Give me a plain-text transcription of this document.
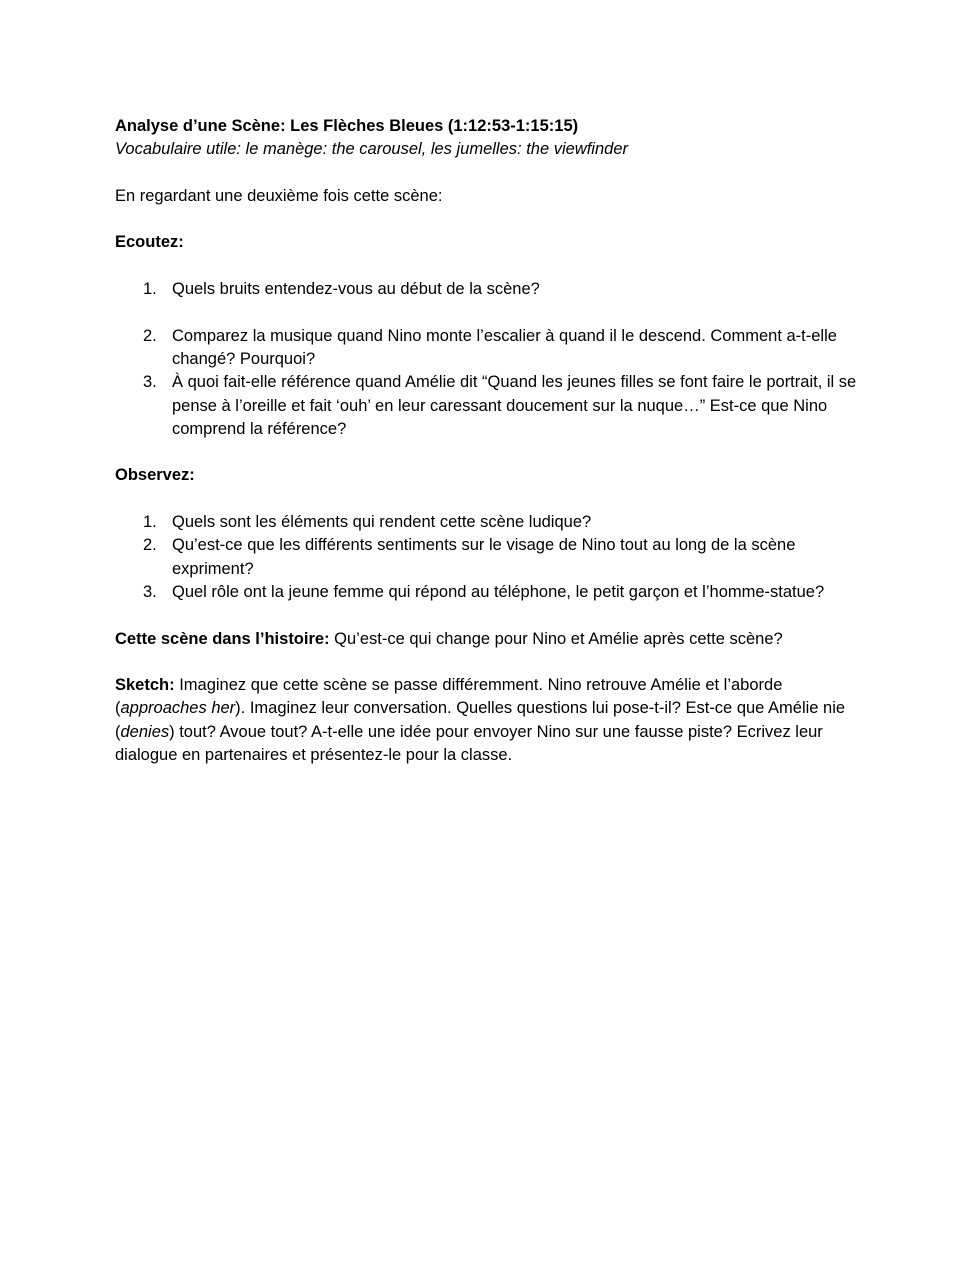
Analyse d’une Scène: Les Flèches Bleues (1:12:53-1:15:15)

Vocabulaire utile: le manège: the carousel, les jumelles: the viewfinder

En regardant une deuxième fois cette scène:

Ecoutez:

1. Quels bruits entendez-vous au début de la scène?
2. Comparez la musique quand Nino monte l’escalier à quand il le descend. Comment a-t-elle changé? Pourquoi?
3. À quoi fait-elle référence quand Amélie dit “Quand les jeunes filles se font faire le portrait, il se pense à l’oreille et fait ‘ouh’ en leur caressant doucement sur la nuque…” Est-ce que Nino comprend la référence?

Observez:

1. Quels sont les éléments qui rendent cette scène ludique?
2. Qu’est-ce que les différents sentiments sur le visage de Nino tout au long de la scène expriment?
3. Quel rôle ont la jeune femme qui répond au téléphone, le petit garçon et l’homme-statue?

Cette scène dans l’histoire: Qu’est-ce qui change pour Nino et Amélie après cette scène?

Sketch: Imaginez que cette scène se passe différemment. Nino retrouve Amélie et l’aborde (approaches her). Imaginez leur conversation. Quelles questions lui pose-t-il? Est-ce que Amélie nie (denies) tout? Avoue tout? A-t-elle une idée pour envoyer Nino sur une fausse piste? Ecrivez leur dialogue en partenaires et présentez-le pour la classe.
